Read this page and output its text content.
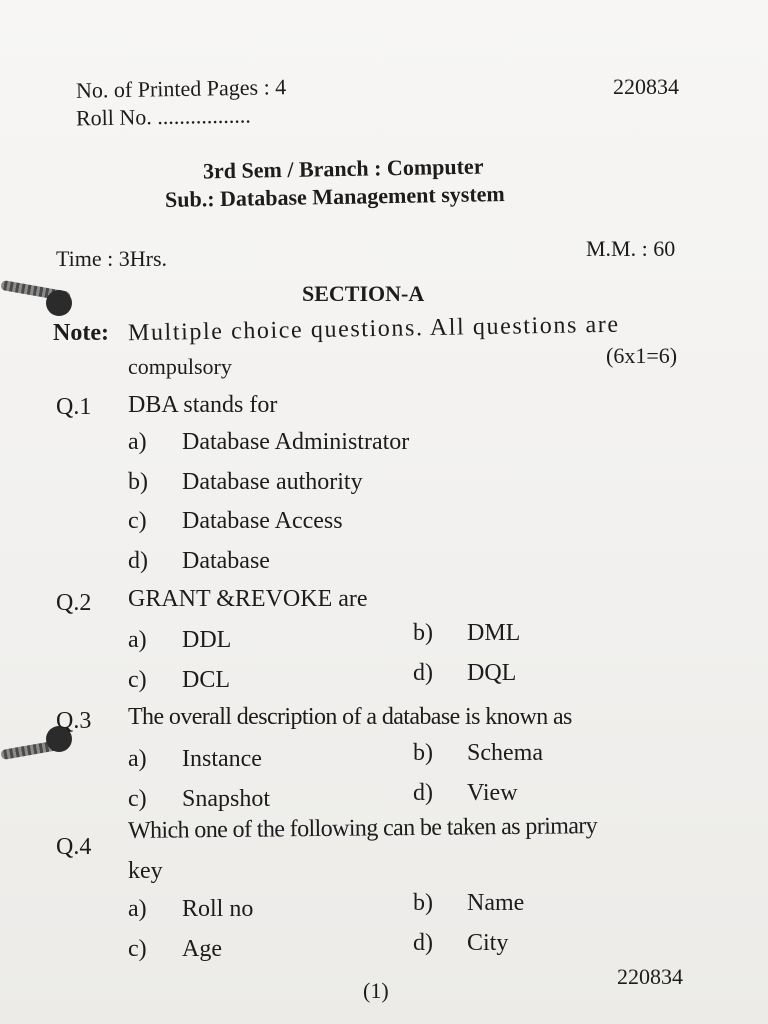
No. of Printed Pages : 4	220834
Roll No. .................
3rd Sem / Branch : Computer
Sub.: Database Management system
Time : 3Hrs.	M.M. : 60
SECTION-A
Note: Multiple choice questions. All questions are
compulsory	(6x1=6)
Q.1 DBA stands for
a) Database Administrator
b) Database authority
c) Database Access
d) Database
Q.2 GRANT &REVOKE are
a) DDL	b) DML
c) DCL	d) DQL
Q.3 The overall description of a database is known as
a) Instance	b) Schema
c) Snapshot	d) View
Q.4
Which one of the following can be taken as primary
key
a) Roll no	b) Name
c) Age	d) City
(1)
220834
